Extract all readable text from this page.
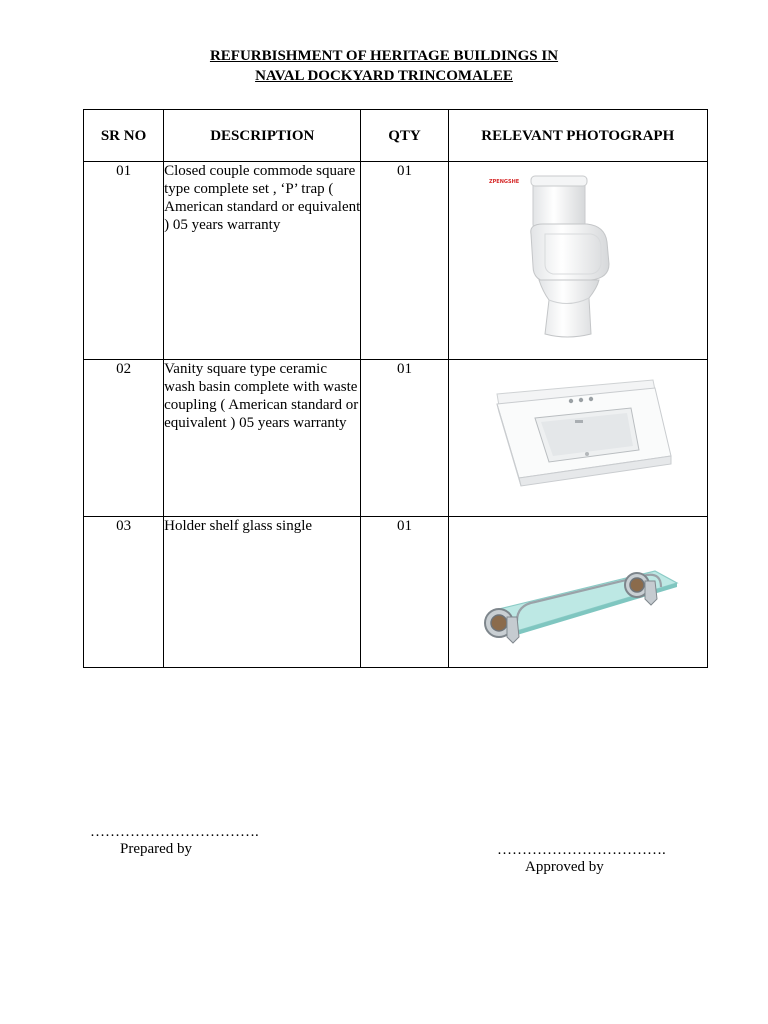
REFURBISHMENT OF HERITAGE BUILDINGS IN
NAVAL DOCKYARD TRINCOMALEE
SR NO	DESCRIPTION	QTY	RELEVANT PHOTOGRAPH
01	Closed couple commode square type complete set , ‘P’ trap ( American standard or equivalent ) 05 years warranty	01	ZPENGSHE

02	Vanity square type ceramic wash basin complete with waste coupling ( American standard or equivalent ) 05 years warranty	01	

03	Holder shelf glass single	01	
…………………………….
Prepared by	…………………………….
Approved by
